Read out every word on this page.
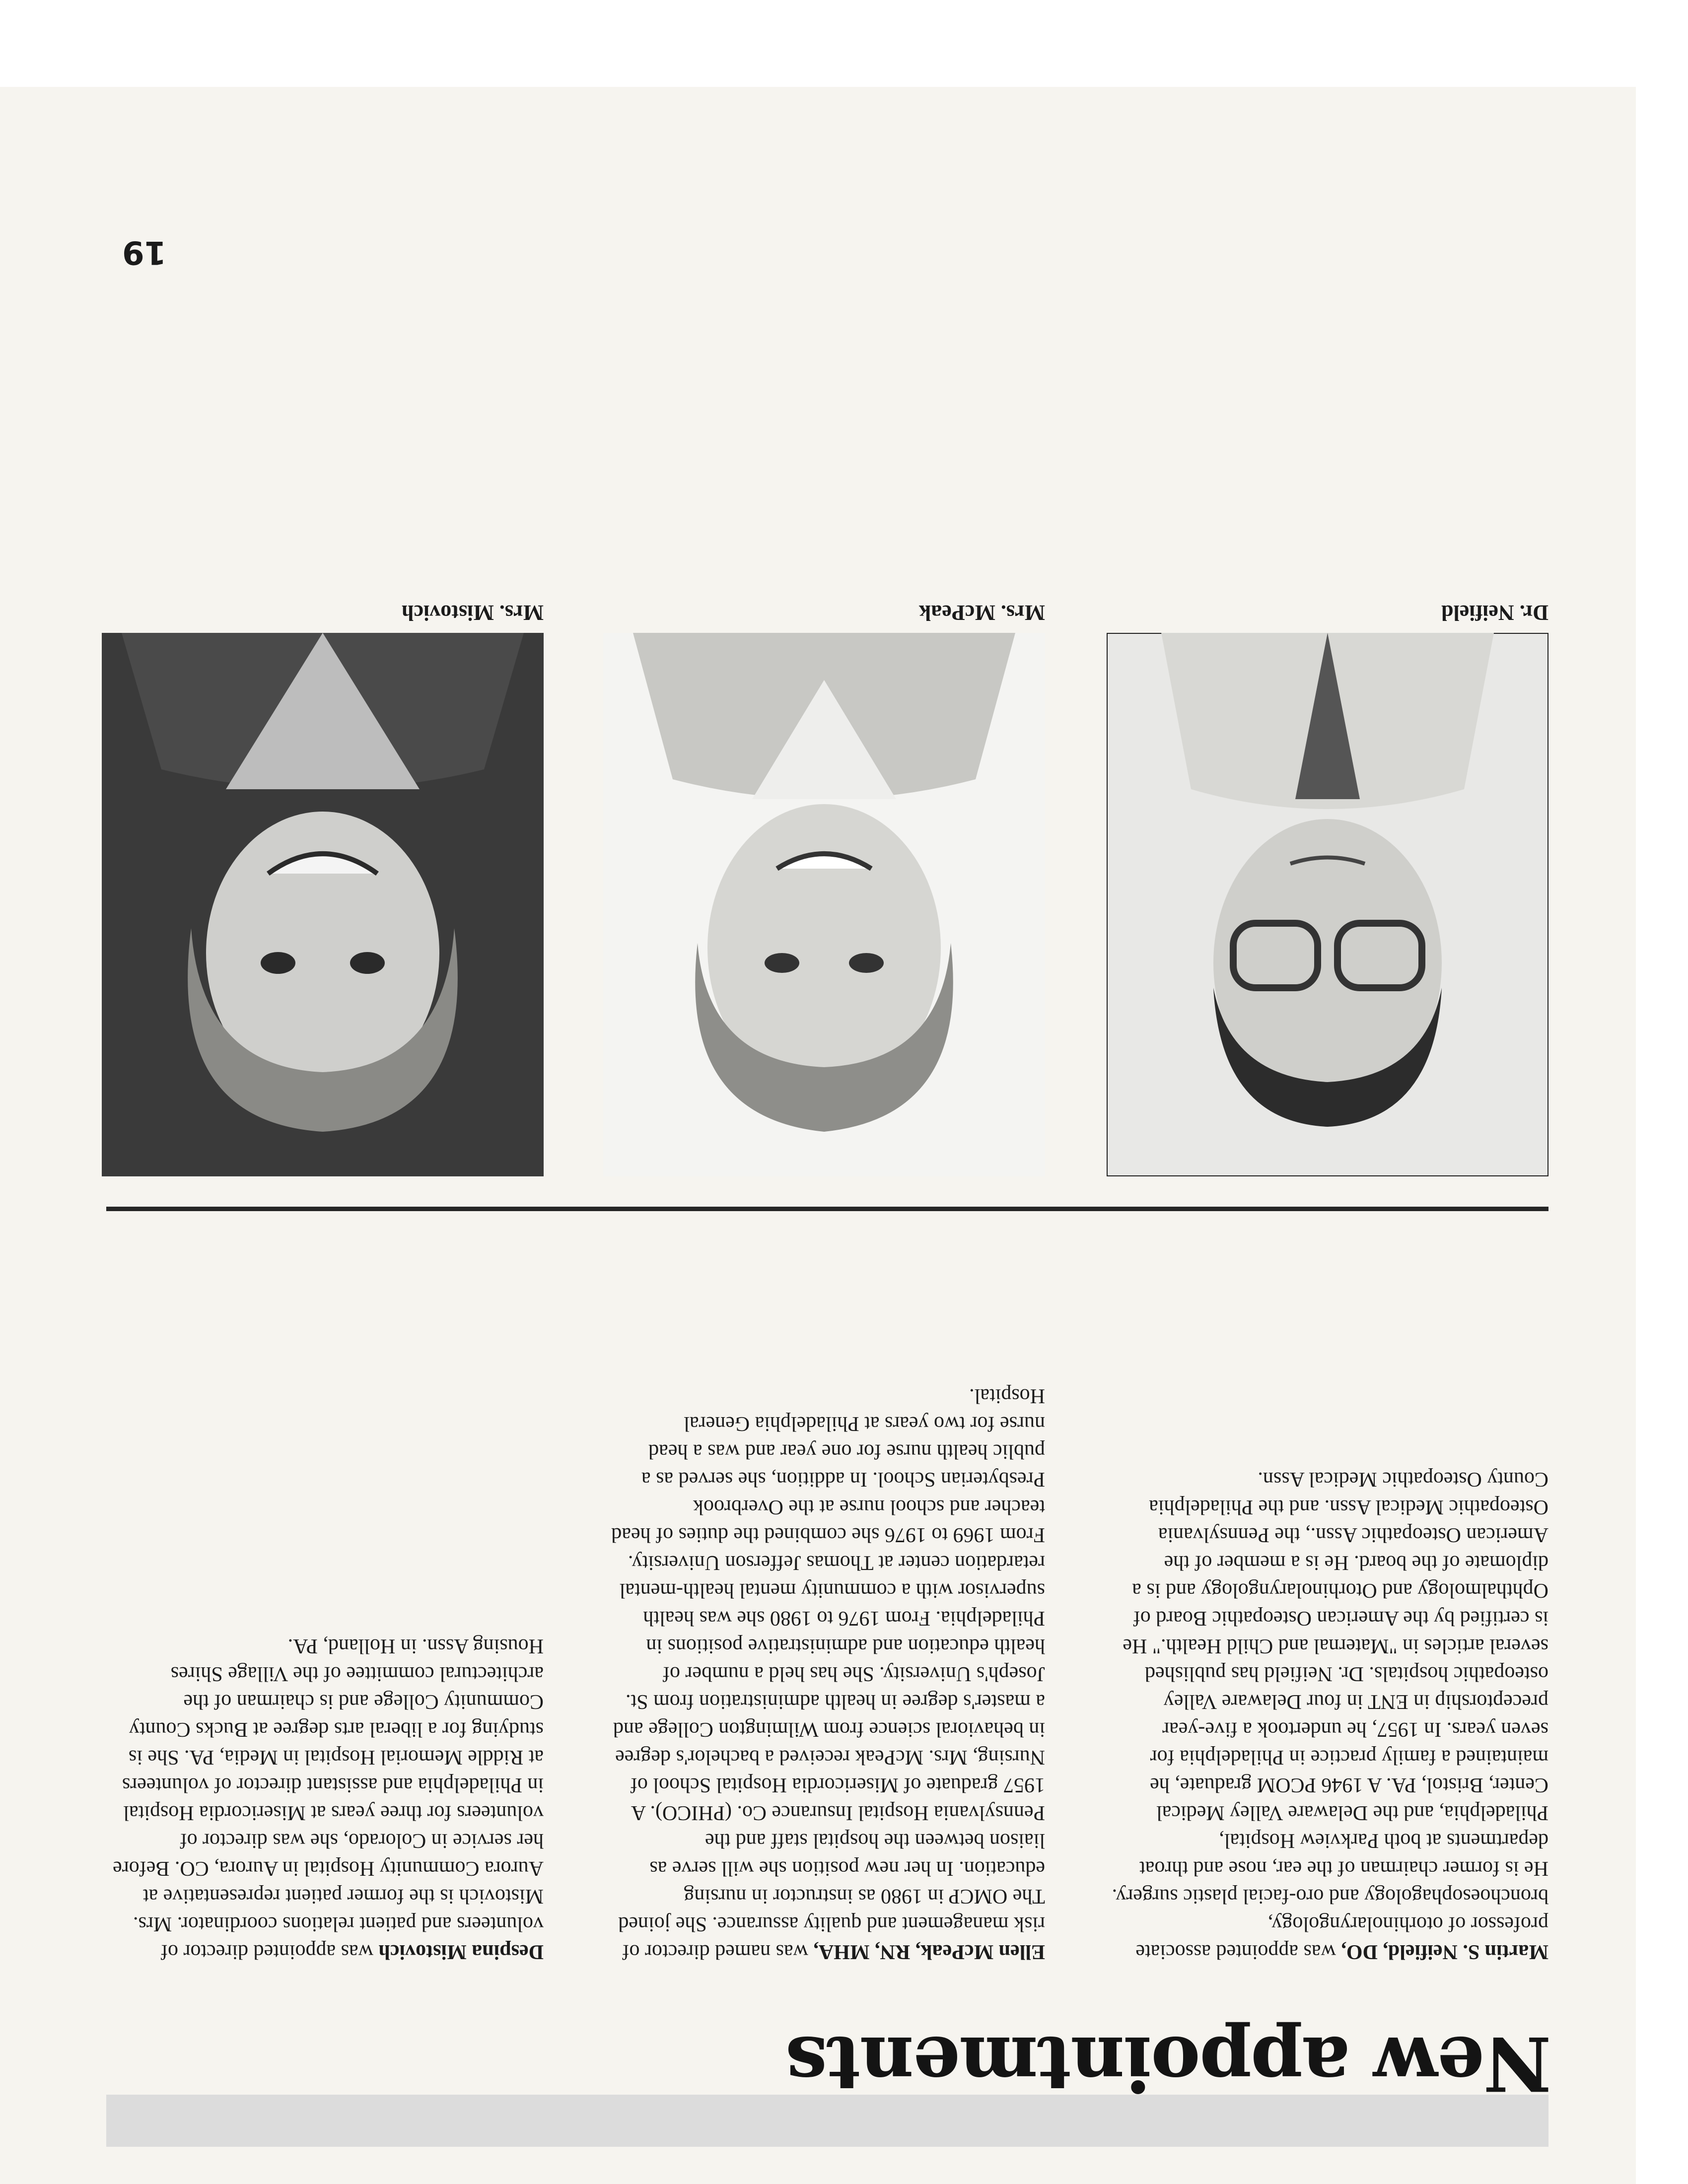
New appointments

Martin S. Neifield, DO, was appointed associate professor of otorhinolaryngology, bronchoesophagology and oro-facial plastic surgery. He is former chairman of the ear, nose and throat departments at both Parkview Hospital, Philadelphia, and the Delaware Valley Medical Center, Bristol, PA. A 1946 PCOM graduate, he maintained a family practice in Philadelphia for seven years. In 1957, he undertook a five-year preceptorship in ENT in four Delaware Valley osteopathic hospitals. Dr. Neifield has published several articles in "Maternal and Child Health." He is certified by the American Osteopathic Board of Ophthalmology and Otorhinolaryngology and is a diplomate of the board. He is a member of the American Osteopathic Assn., the Pennsylvania Osteopathic Medical Assn. and the Philadelphia County Osteopathic Medical Assn.

Ellen McPeak, RN, MHA, was named director of risk management and quality assurance. She joined The OMCP in 1980 as instructor in nursing education. In her new position she will serve as liaison between the hospital staff and the Pennsylvania Hospital Insurance Co. (PHICO). A 1957 graduate of Misericordia Hospital School of Nursing, Mrs. McPeak received a bachelor's degree in behavioral science from Wilmington College and a master's degree in health administration from St. Joseph's University. She has held a number of health education and administrative positions in Philadelphia. From 1976 to 1980 she was health supervisor with a community mental health-mental retardation center at Thomas Jefferson University. From 1969 to 1976 she combined the duties of head teacher and school nurse at the Overbrook Presbyterian School. In addition, she served as a public health nurse for one year and was a head nurse for two years at Philadelphia General Hospital.

Despina Mistovich was appointed director of volunteers and patient relations coordinator. Mrs. Mistovich is the former patient representative at Aurora Community Hospital in Aurora, CO. Before her service in Colorado, she was director of volunteers for three years at Misericordia Hospital in Philadelphia and assistant director of volunteers at Riddle Memorial Hospital in Media, PA. She is studying for a liberal arts degree at Bucks County Community College and is chairman of the architectural committee of the Village Shires Housing Assn. in Holland, PA.

Dr. Neifield
Mrs. McPeak
Mrs. Mistovich
19
